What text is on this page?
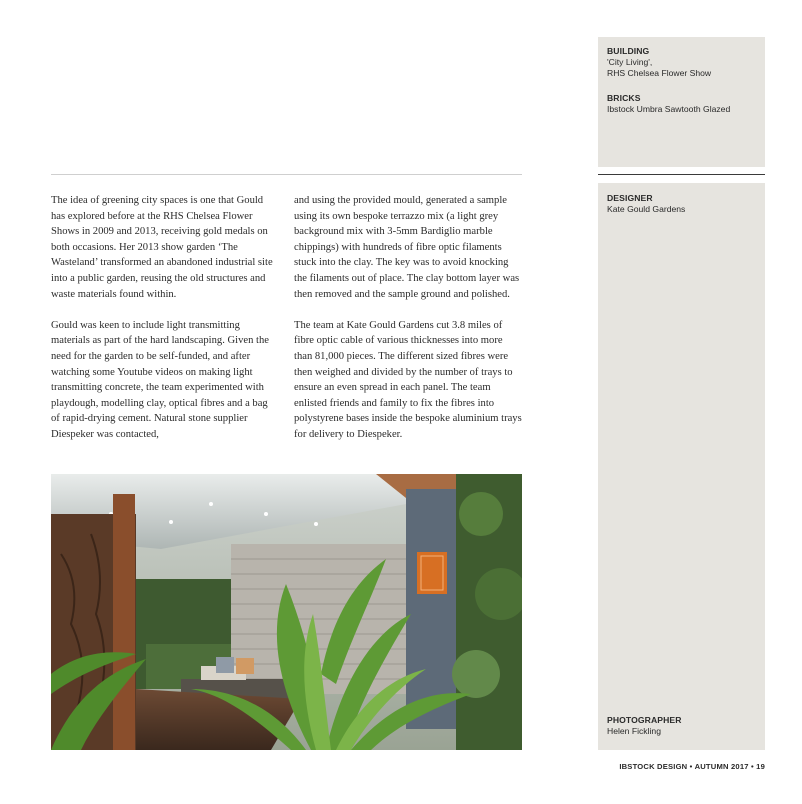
The idea of greening city spaces is one that Gould has explored before at the RHS Chelsea Flower Shows in 2009 and 2013, receiving gold medals on both occasions. Her 2013 show garden ‘The Wasteland’ transformed an abandoned industrial site into a public garden, reusing the old structures and waste materials found within.

Gould was keen to include light transmitting materials as part of the hard landscaping. Given the need for the garden to be self-funded, and after watching some Youtube videos on making light transmitting concrete, the team experimented with playdough, modelling clay, optical fibres and a bag of rapid-drying cement. Natural stone supplier Diespeker was contacted,

and using the provided mould, generated a sample using its own bespoke terrazzo mix (a light grey background mix with 3-5mm Bardiglio marble chippings) with hundreds of fibre optic filaments stuck into the clay. The key was to avoid knocking the filaments out of place. The clay bottom layer was then removed and the sample ground and polished.

The team at Kate Gould Gardens cut 3.8 miles of fibre optic cable of various thicknesses into more than 81,000 pieces. The different sized fibres were then weighed and divided by the number of trays to ensure an even spread in each panel. The team enlisted friends and family to fix the fibres into polystyrene bases inside the bespoke aluminium trays for delivery to Diespeker.

BUILDING
'City Living',
RHS Chelsea Flower Show
BRICKS
Ibstock Umbra Sawtooth Glazed
DESIGNER
Kate Gould Gardens
PHOTOGRAPHER
Helen Fickling
IBSTOCK DESIGN • AUTUMN 2017 • 19
